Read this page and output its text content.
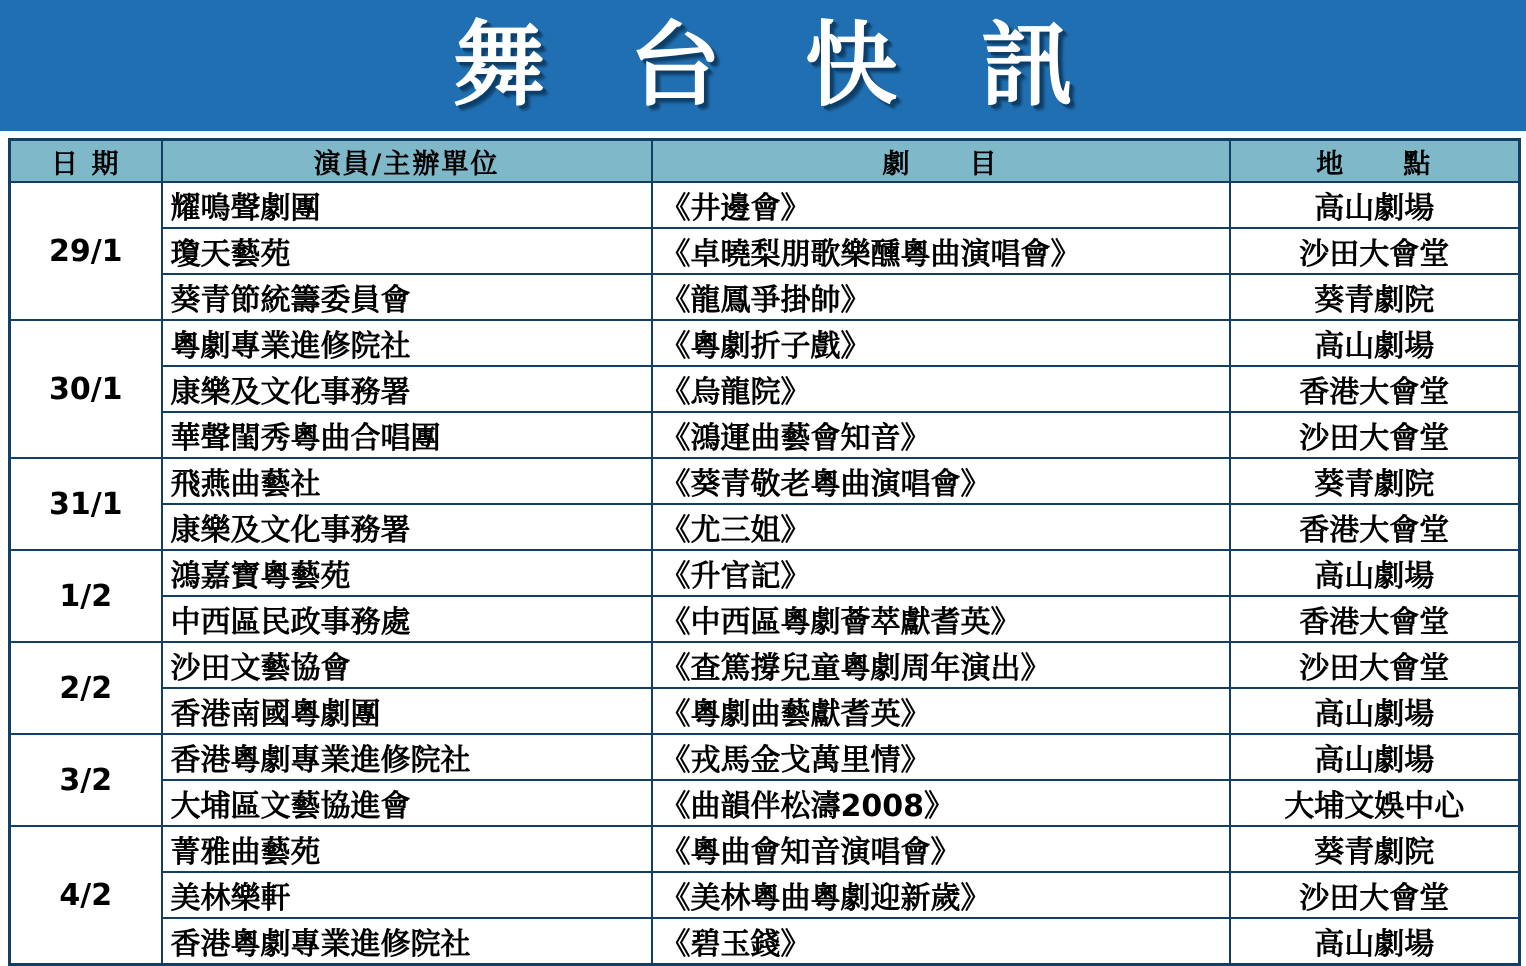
舞 台 快 訊
日 期	演員/主辦單位	劇　　目	地　　點
29/1	耀鳴聲劇團	《井邊會》	高山劇場
	瓊天藝苑	《卓曉梨朋歌樂醺粵曲演唱會》	沙田大會堂
	葵青節統籌委員會	《龍鳳爭掛帥》	葵青劇院
30/1	粵劇專業進修院社	《粵劇折子戲》	高山劇場
	康樂及文化事務署	《烏龍院》	香港大會堂
	華聲閨秀粵曲合唱團	《鴻運曲藝會知音》	沙田大會堂
31/1	飛燕曲藝社	《葵青敬老粵曲演唱會》	葵青劇院
	康樂及文化事務署	《尤三姐》	香港大會堂
1/2	鴻嘉寶粵藝苑	《升官記》	高山劇場
	中西區民政事務處	《中西區粵劇薈萃獻耆英》	香港大會堂
2/2	沙田文藝協會	《查篤撐兒童粵劇周年演出》	沙田大會堂
	香港南國粵劇團	《粵劇曲藝獻耆英》	高山劇場
3/2	香港粵劇專業進修院社	《戎馬金戈萬里情》	高山劇場
	大埔區文藝協進會	《曲韻伴松濤2008》	大埔文娛中心
4/2	菁雅曲藝苑	《粵曲會知音演唱會》	葵青劇院
	美林樂軒	《美林粵曲粵劇迎新歲》	沙田大會堂
	香港粵劇專業進修院社	《碧玉錢》	高山劇場
